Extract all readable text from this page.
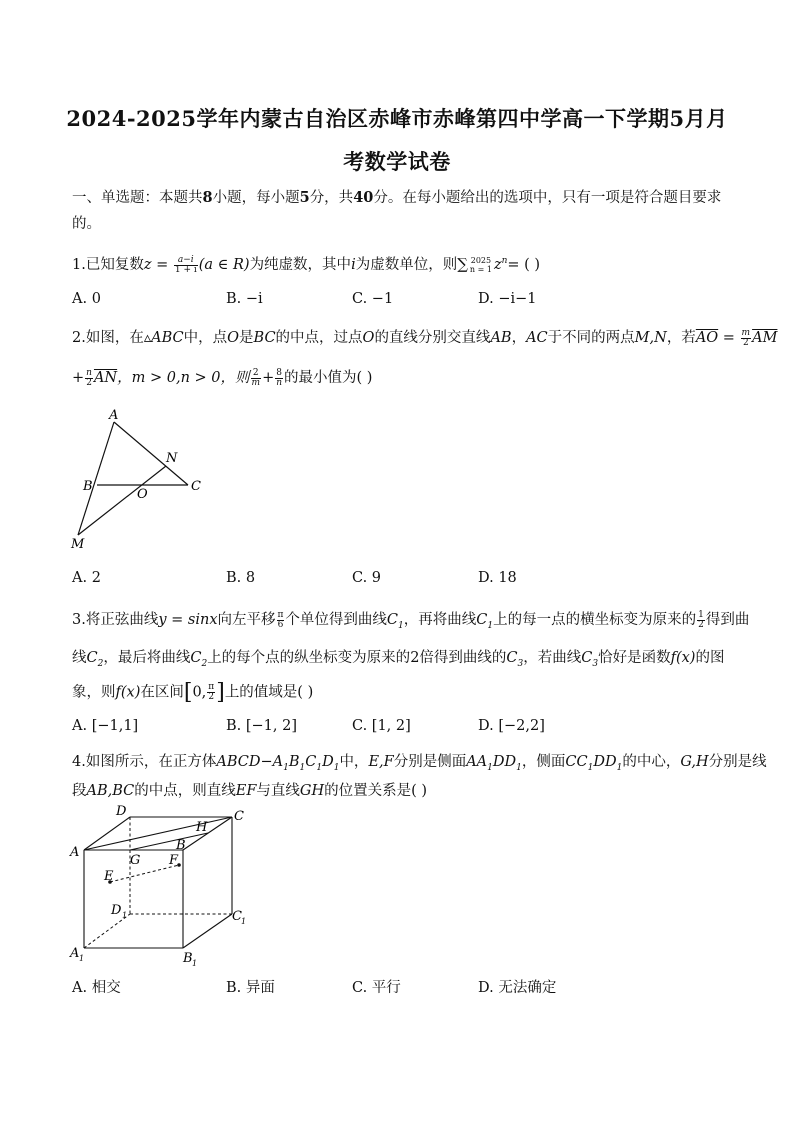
2024-2025学年内蒙古自治区赤峰市赤峰第四中学高一下学期5月月
考数学试卷
一、单选题：本题共8小题，每小题5分，共40分。在每小题给出的选项中，只有一项是符合题目要求
的。
1.已知复数$z = \frac{a-i}{1 + i} (a$ ∈ R)为纯虚数，其中i为虚数单位，则∑ 2025
n = 1 $z^n=$ ( )
A. 0	B. −i	C. −1	D. −i−1
2.如图，在▵ABC中，点O是BC的中点，过点O的直线分别交直线AB，AC于不同的两点M,N，若$\overline{AO} = \frac{m}{2} \overline{AM}$
+ $\frac{n}{2} \overline{AN}$，m > 0,n > 0，则 $\frac{2}{m} + \frac{8}{n}$ 的最小值为( )
A
B	C
N
O
M
A. 2	B. 8	C. 9	D. 18
3.将正弦曲线y = sinx向左平移 $\frac{\pi}{6}$ 个单位得到曲线$C_1$，再将曲线$C_1$上的每一点的横坐标变为原来的 $\frac{1}{2}$ 得到曲
线$C_2$，最后将曲线$C_2$上的每个点的纵坐标变为原来的2倍得到曲线的$C_3$，若曲线$C_3$恰好是函数f(x)的图
象，则f(x)在区间[0, $\frac{\pi}{2}$ ]上的值域是( )
A. [−1,1]	B. [−1, 2]	C. [1, 2]	D. [−2,2]
4.如图所示，在正方体$ABCD-A_1B_1C_1D_1$中，E,F分别是侧面$AA_1DD_1$，侧面$CC_1DD_1$的中心，G,H分别是线
段AB,BC的中点，则直线EF与直线GH的位置关系是( )
D	C
H
B
A
G F
E
D 1	C 1
A 1	B 1
A. 相交	B. 异面	C. 平行	D. 无法确定
